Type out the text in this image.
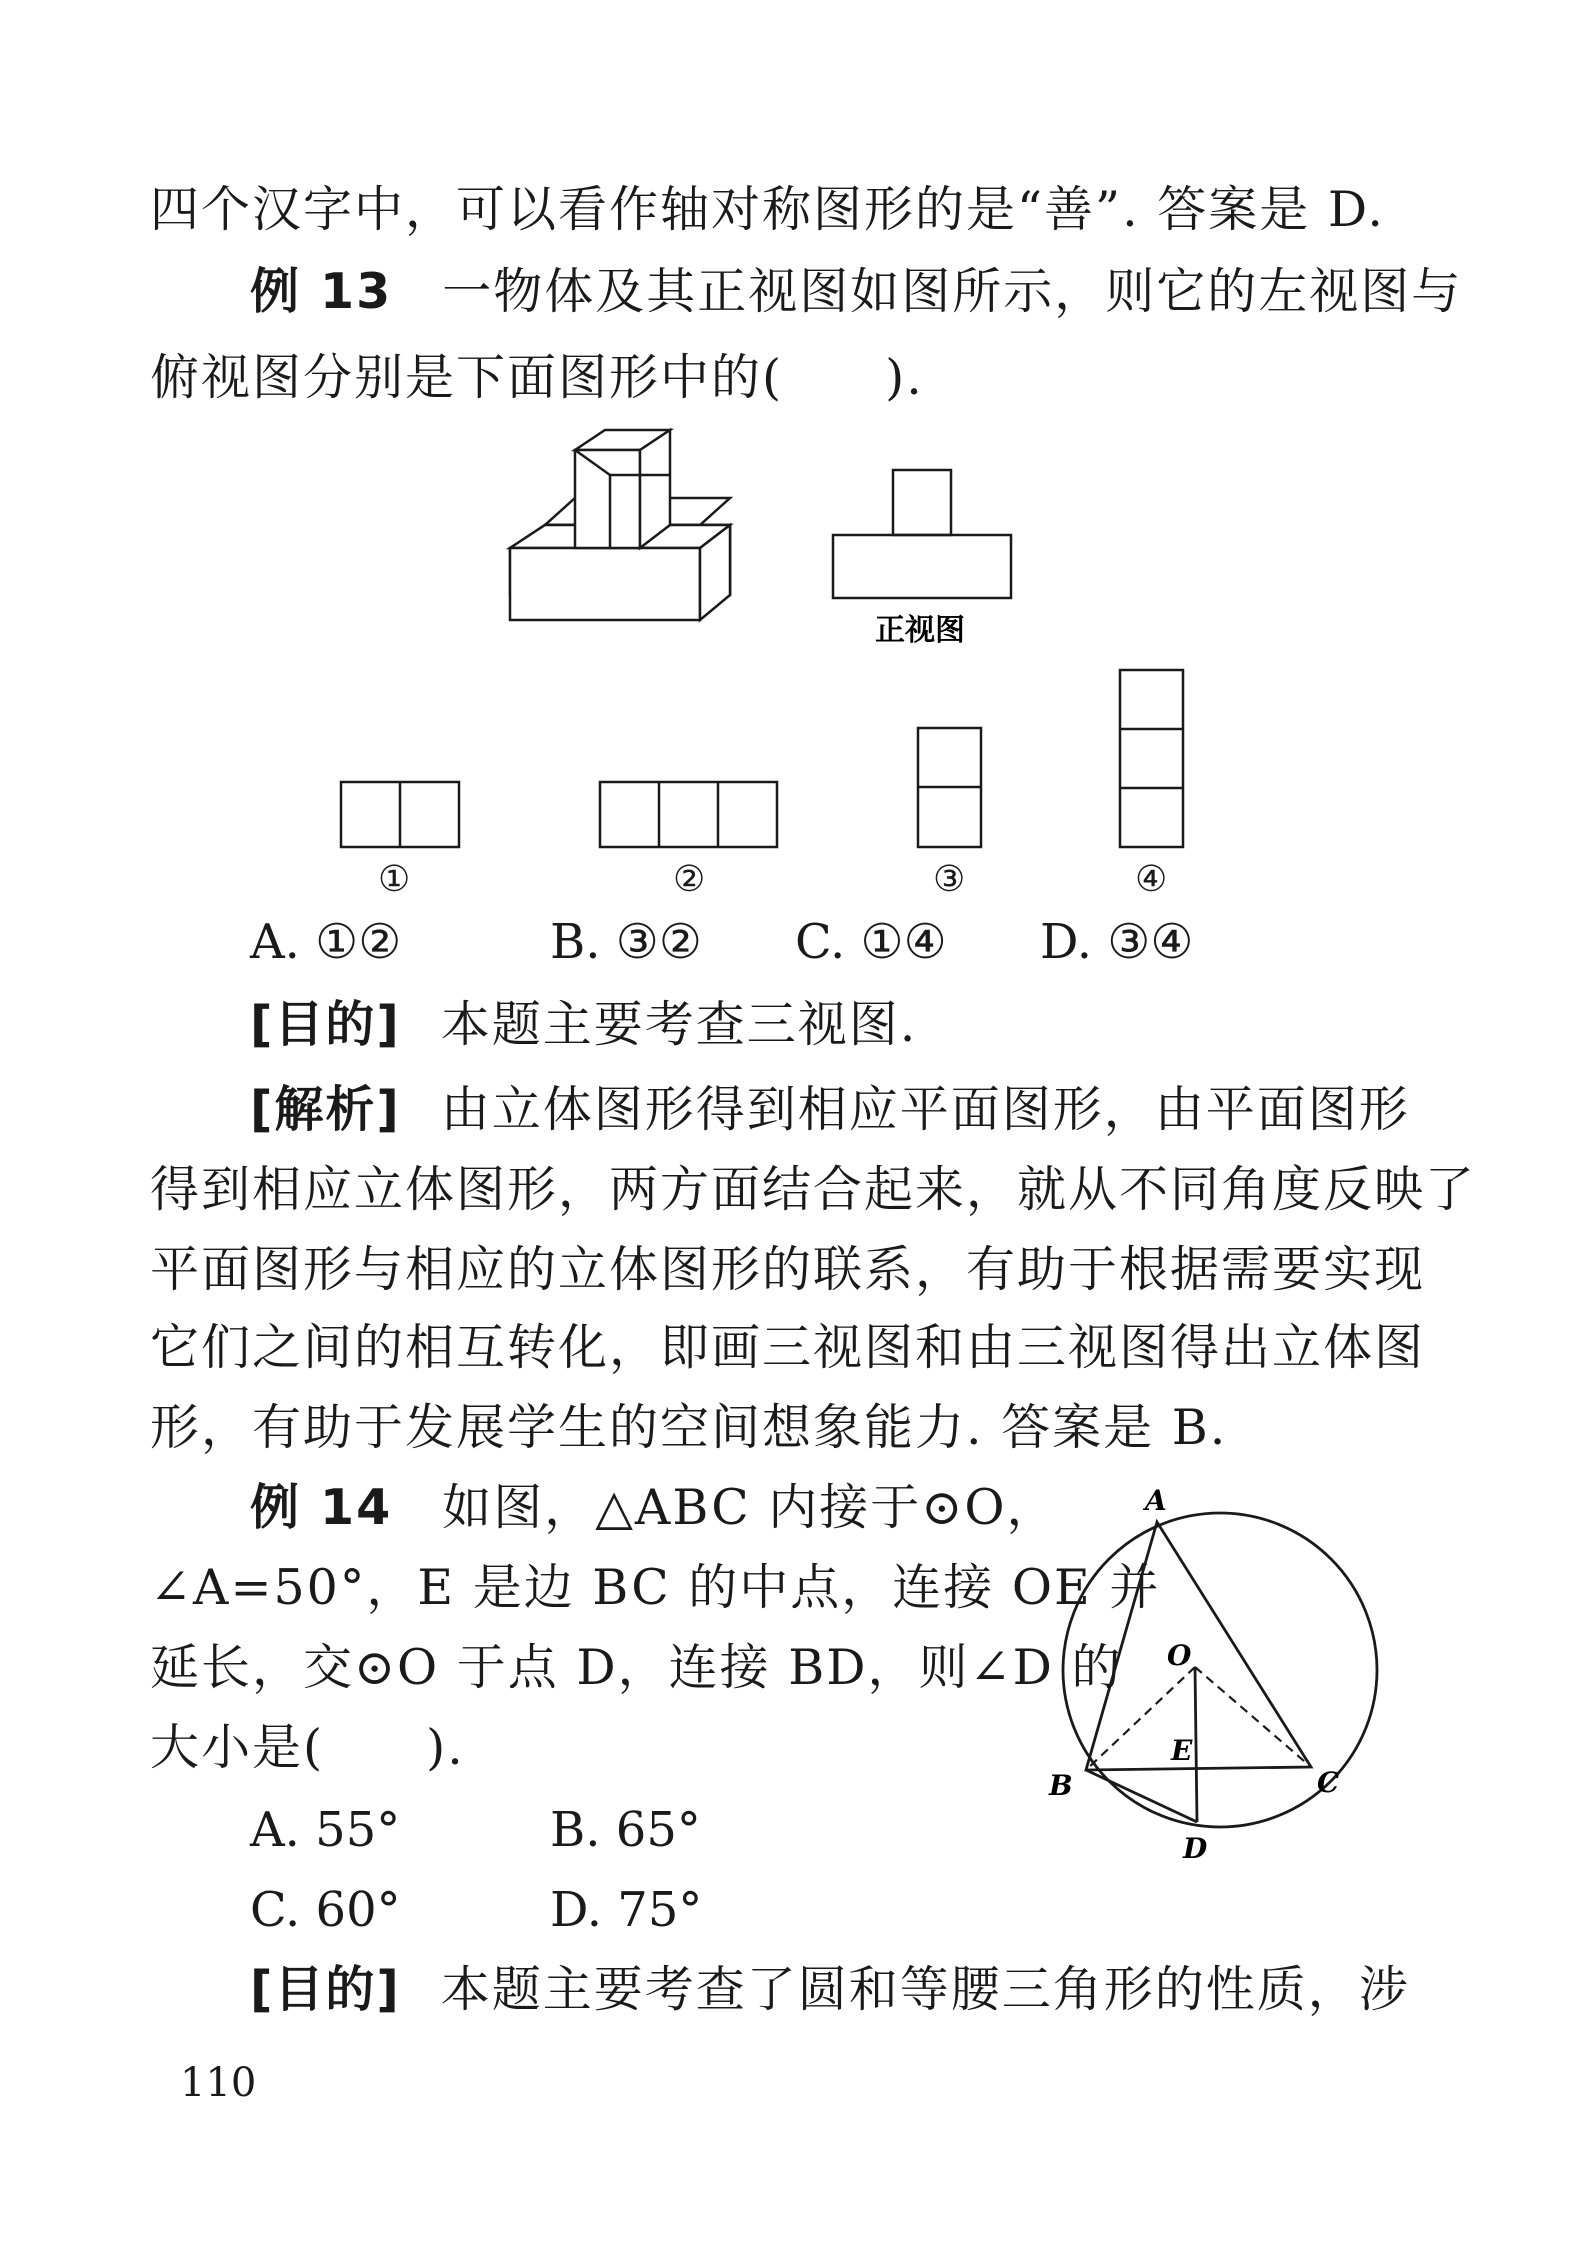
四个汉字中，可以看作轴对称图形的是“善”. 答案是 D.
例 13 一物体及其正视图如图所示，则它的左视图与
俯视图分别是下面图形中的(　　).
正视图
①	②	③	④
A. ①②	B. ③② C. ①④ D. ③④
[目的] 本题主要考查三视图.
[解析] 由立体图形得到相应平面图形，由平面图形
得到相应立体图形，两方面结合起来，就从不同角度反映了
平面图形与相应的立体图形的联系，有助于根据需要实现
它们之间的相互转化，即画三视图和由三视图得出立体图
形，有助于发展学生的空间想象能力. 答案是 B.
例 14 如图，△ABC 内接于⊙O，
∠A=50°，E 是边 BC 的中点，连接 OE 并
延长，交⊙O 于点 D，连接 BD，则∠D 的
大小是(　　).
A. 55°	B. 65°
C. 60°	D. 75°
A
O
E
B	C
D
[目的] 本题主要考查了圆和等腰三角形的性质，涉
110
